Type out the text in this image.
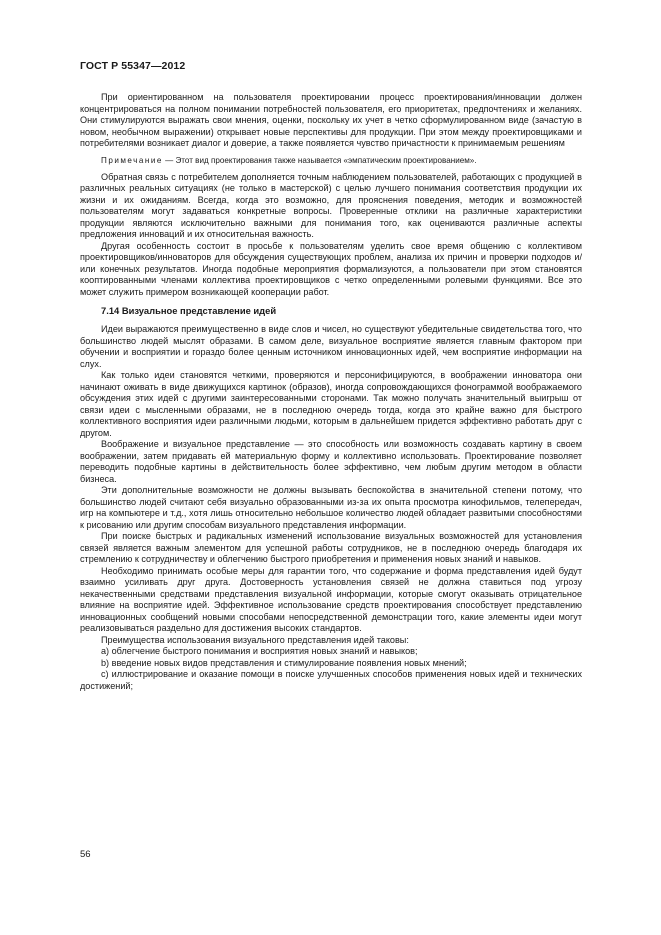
ГОСТ Р 55347—2012

При ориентированном на пользователя проектировании процесс проектирования/инновации должен концентрироваться на полном понимании потребностей пользователя, его приоритетах, предпочтениях и желаниях. Они стимулируются выражать свои мнения, оценки, поскольку их учет в четко сформулированном виде (зачастую в новом, необычном выражении) открывает новые перспективы для продукции. При этом между проектировщиками и потребителями возникает диалог и доверие, а также появляется чувство причастности к принимаемым решениям

Примечание — Этот вид проектирования также называется «эмпатическим проектированием».

Обратная связь с потребителем дополняется точным наблюдением пользователей, работающих с продукцией в различных реальных ситуациях (не только в мастерской) с целью лучшего понимания соответствия продукции их жизни и их ожиданиям. Всегда, когда это возможно, для прояснения поведения, методик и возможностей пользователям могут задаваться конкретные вопросы. Проверенные отклики на различные характеристики продукции являются исключительно важными для понимания того, как оцениваются различные аспекты предложения инноваций и их относительная важность.

Другая особенность состоит в просьбе к пользователям уделить свое время общению с коллективом проектировщиков/инноваторов для обсуждения существующих проблем, анализа их причин и проверки подходов и/или конечных результатов. Иногда подобные мероприятия формализуются, а пользователи при этом становятся кооптированными членами коллектива проектировщиков с четко определенными ролевыми функциями. Все это может служить примером возникающей кооперации работ.

7.14 Визуальное представление идей

Идеи выражаются преимущественно в виде слов и чисел, но существуют убедительные свидетельства того, что большинство людей мыслят образами. В самом деле, визуальное восприятие является главным фактором при обучении и восприятии и гораздо более ценным источником инновационных идей, чем восприятие информации на слух.

Как только идеи становятся четкими, проверяются и персонифицируются, в воображении инноватора они начинают оживать в виде движущихся картинок (образов), иногда сопровождающихся фонограммой воображаемого обсуждения этих идей с другими заинтересованными сторонами. Так можно получать значительный выигрыш от связи идеи с мысленными образами, не в последнюю очередь тогда, когда это крайне важно для быстрого коллективного восприятия идеи различными людьми, которым в дальнейшем придется эффективно работать друг с другом.

Воображение и визуальное представление — это способность или возможность создавать картину в своем воображении, затем придавать ей материальную форму и коллективно использовать. Проектирование позволяет переводить подобные картины в действительность более эффективно, чем любым другим методом в области бизнеса.

Эти дополнительные возможности не должны вызывать беспокойства в значительной степени потому, что большинство людей считают себя визуально образованными из-за их опыта просмотра кинофильмов, телепередач, игр на компьютере и т.д., хотя лишь относительно небольшое количество людей обладает развитыми способностями к рисованию или другим способам визуального представления информации.

При поиске быстрых и радикальных изменений использование визуальных возможностей для установления связей является важным элементом для успешной работы сотрудников, не в последнюю очередь благодаря их стремлению к сотрудничеству и облегчению быстрого приобретения и применения новых знаний и навыков.

Необходимо принимать особые меры для гарантии того, что содержание и форма представления идей будут взаимно усиливать друг друга. Достоверность установления связей не должна ставиться под угрозу некачественными средствами представления визуальной информации, которые смогут оказывать отрицательное влияние на восприятие идей. Эффективное использование средств проектирования способствует представлению инновационных сообщений новыми способами непосредственной демонстрации того, какие элементы идеи могут реализовываться раздельно для достижения высоких стандартов.

Преимущества использования визуального представления идей таковы:

а) облегчение быстрого понимания и восприятия новых знаний и навыков;

b) введение новых видов представления и стимулирование появления новых мнений;

с) иллюстрирование и оказание помощи в поиске улучшенных способов применения новых идей и технических достижений;

56
